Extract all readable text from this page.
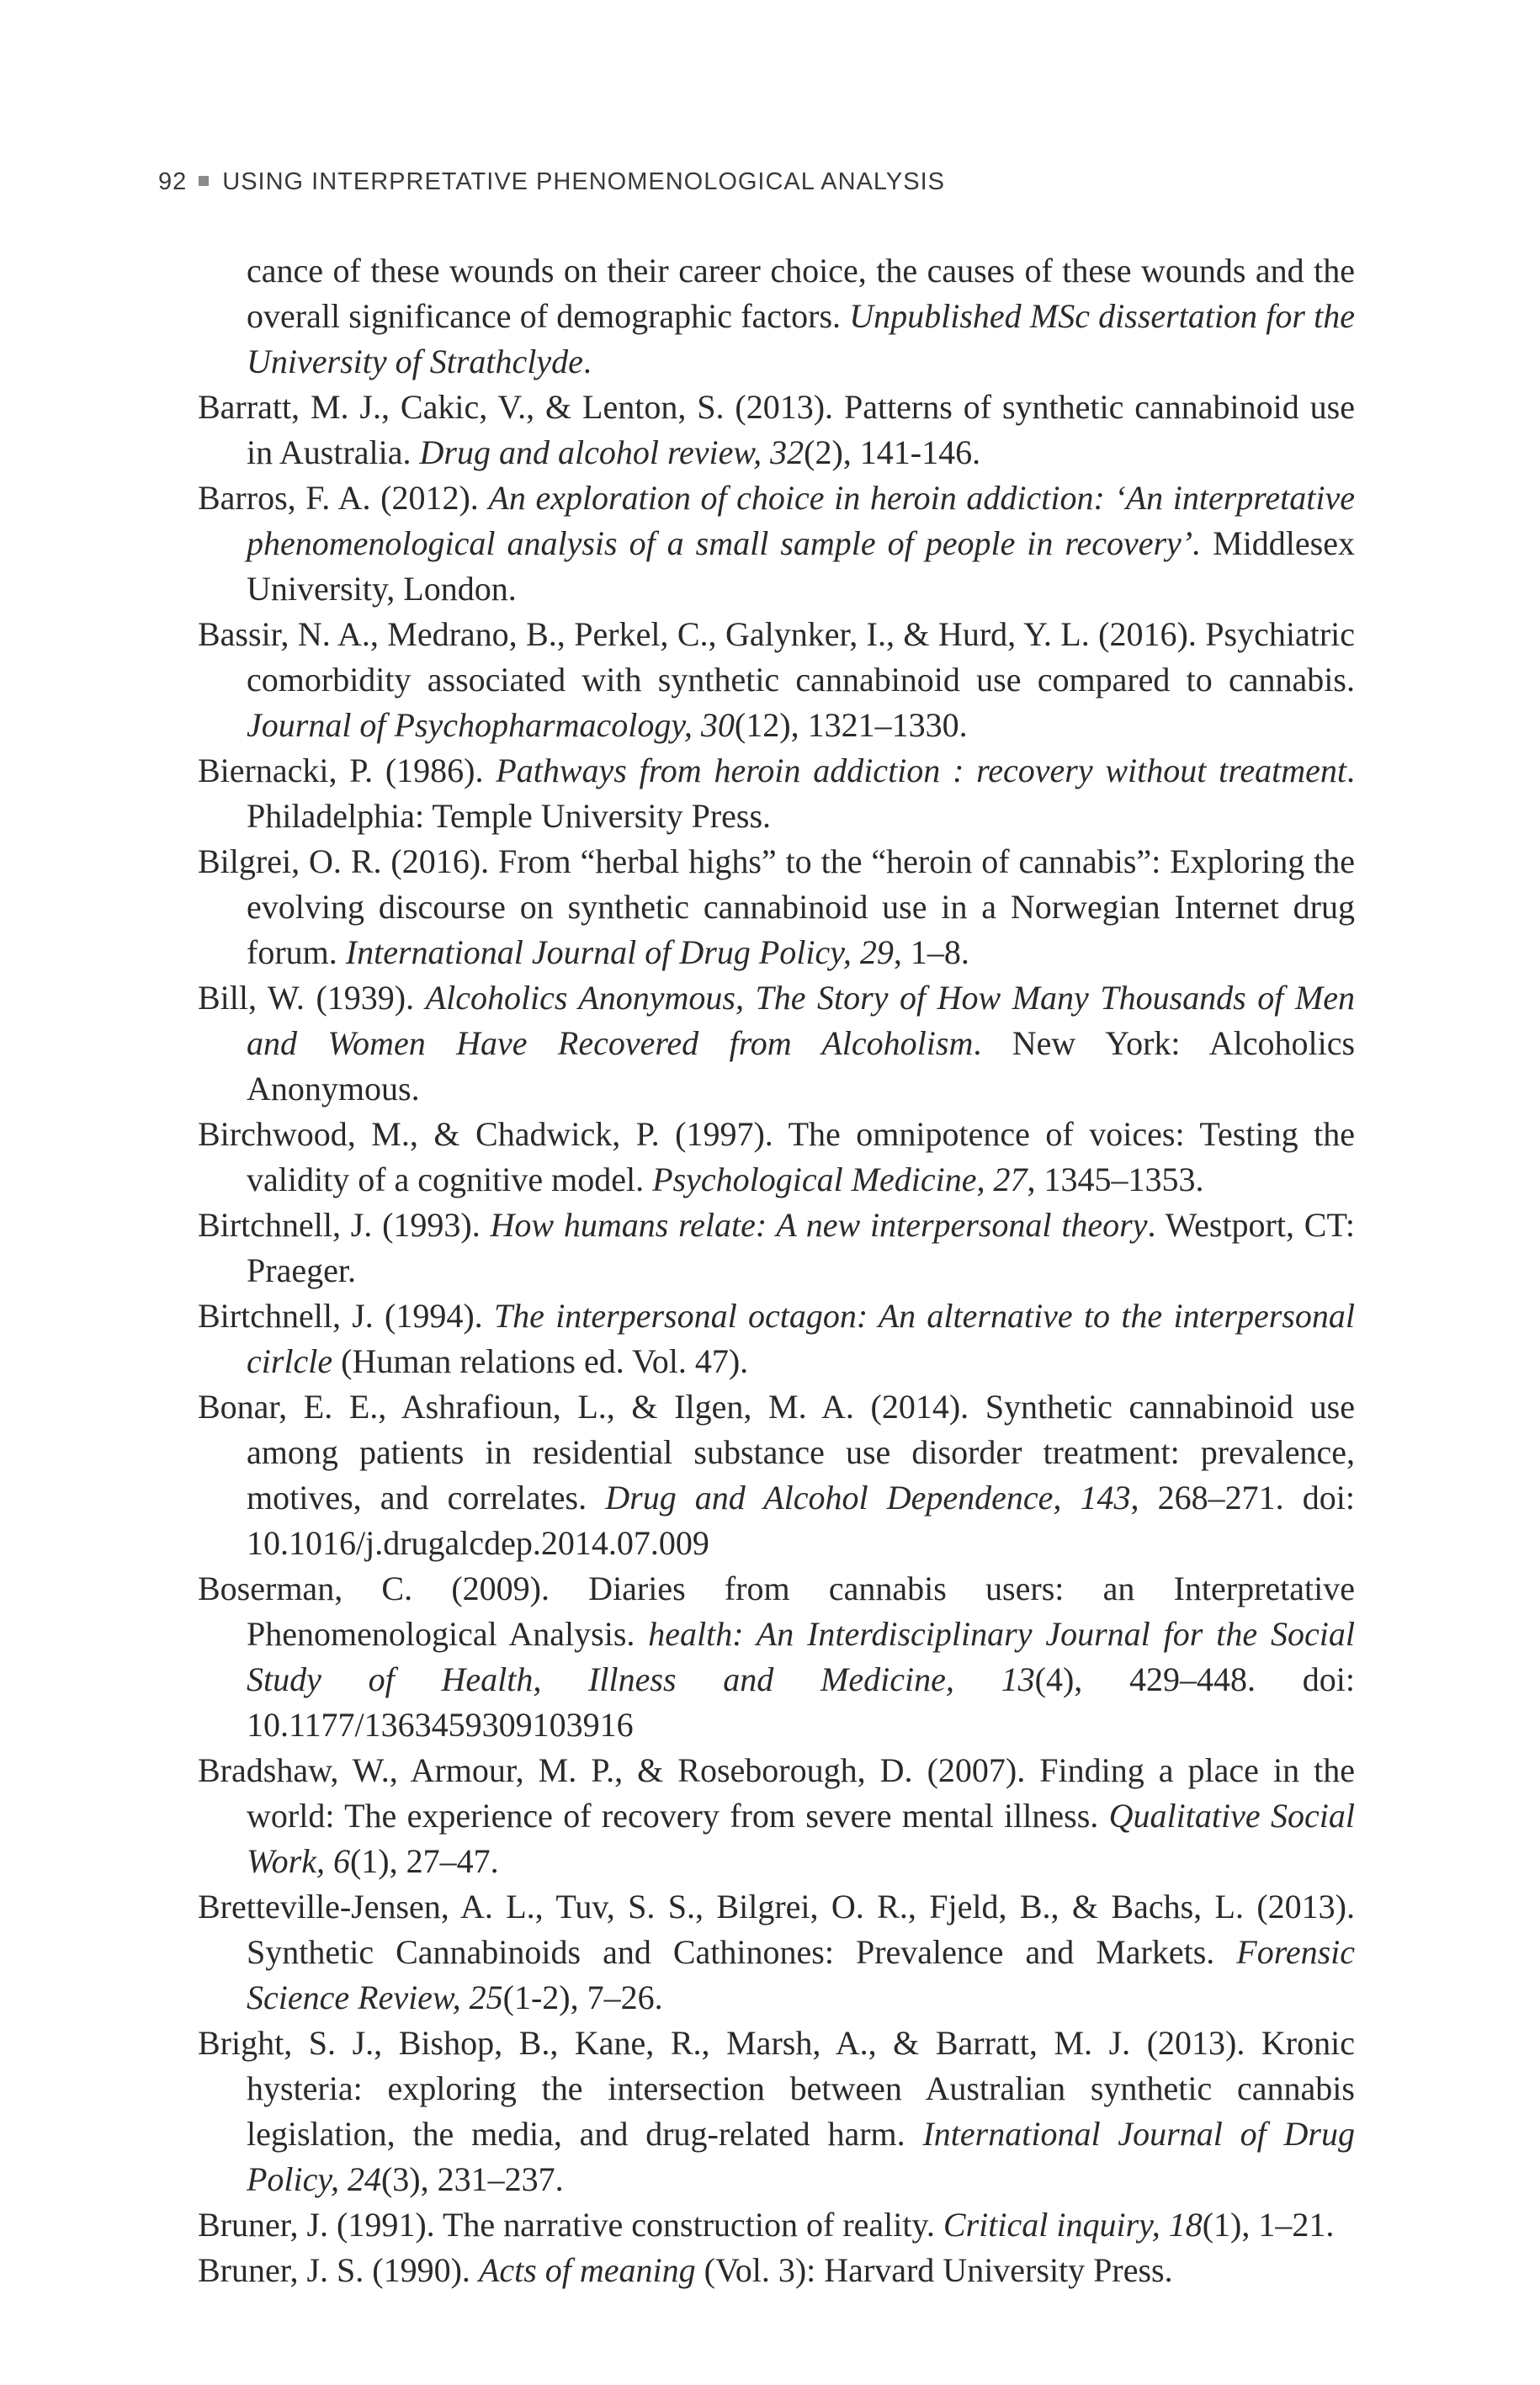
92 USING INTERPRETATIVE PHENOMENOLOGICAL ANALYSIS

cance of these wounds on their career choice, the causes of these wounds and the overall significance of demographic factors. Unpublished MSc dissertation for the University of Strathclyde.

Barratt, M. J., Cakic, V., & Lenton, S. (2013). Patterns of synthetic cannabinoid use in Australia. Drug and alcohol review, 32(2), 141-146.

Barros, F. A. (2012). An exploration of choice in heroin addiction: ‘An interpretative phenomenological analysis of a small sample of people in recovery’. Middlesex University, London.

Bassir, N. A., Medrano, B., Perkel, C., Galynker, I., & Hurd, Y. L. (2016). Psychiatric comorbidity associated with synthetic cannabinoid use compared to cannabis. Journal of Psychopharmacology, 30(12), 1321–1330.

Biernacki, P. (1986). Pathways from heroin addiction : recovery without treatment. Philadelphia: Temple University Press.

Bilgrei, O. R. (2016). From “herbal highs” to the “heroin of cannabis”: Exploring the evolving discourse on synthetic cannabinoid use in a Norwegian Internet drug forum. International Journal of Drug Policy, 29, 1–8.

Bill, W. (1939). Alcoholics Anonymous, The Story of How Many Thousands of Men and Women Have Recovered from Alcoholism. New York: Alcoholics Anonymous.

Birchwood, M., & Chadwick, P. (1997). The omnipotence of voices: Testing the validity of a cognitive model. Psychological Medicine, 27, 1345–1353.

Birtchnell, J. (1993). How humans relate: A new interpersonal theory. Westport, CT: Praeger.

Birtchnell, J. (1994). The interpersonal octagon: An alternative to the interpersonal cirlcle (Human relations ed. Vol. 47).

Bonar, E. E., Ashrafioun, L., & Ilgen, M. A. (2014). Synthetic cannabinoid use among patients in residential substance use disorder treatment: prevalence, motives, and correlates. Drug and Alcohol Dependence, 143, 268–271. doi: 10.1016/j.drugalcdep.2014.07.009

Boserman, C. (2009). Diaries from cannabis users: an Interpretative Phenomenological Analysis. health: An Interdisciplinary Journal for the Social Study of Health, Illness and Medicine, 13(4), 429–448. doi: 10.1177/1363459309103916

Bradshaw, W., Armour, M. P., & Roseborough, D. (2007). Finding a place in the world: The experience of recovery from severe mental illness. Qualitative Social Work, 6(1), 27–47.

Bretteville-Jensen, A. L., Tuv, S. S., Bilgrei, O. R., Fjeld, B., & Bachs, L. (2013). Synthetic Cannabinoids and Cathinones: Prevalence and Markets. Forensic Science Review, 25(1-2), 7–26.

Bright, S. J., Bishop, B., Kane, R., Marsh, A., & Barratt, M. J. (2013). Kronic hysteria: exploring the intersection between Australian synthetic cannabis legislation, the media, and drug-related harm. International Journal of Drug Policy, 24(3), 231–237.

Bruner, J. (1991). The narrative construction of reality. Critical inquiry, 18(1), 1–21.

Bruner, J. S. (1990). Acts of meaning (Vol. 3): Harvard University Press.
